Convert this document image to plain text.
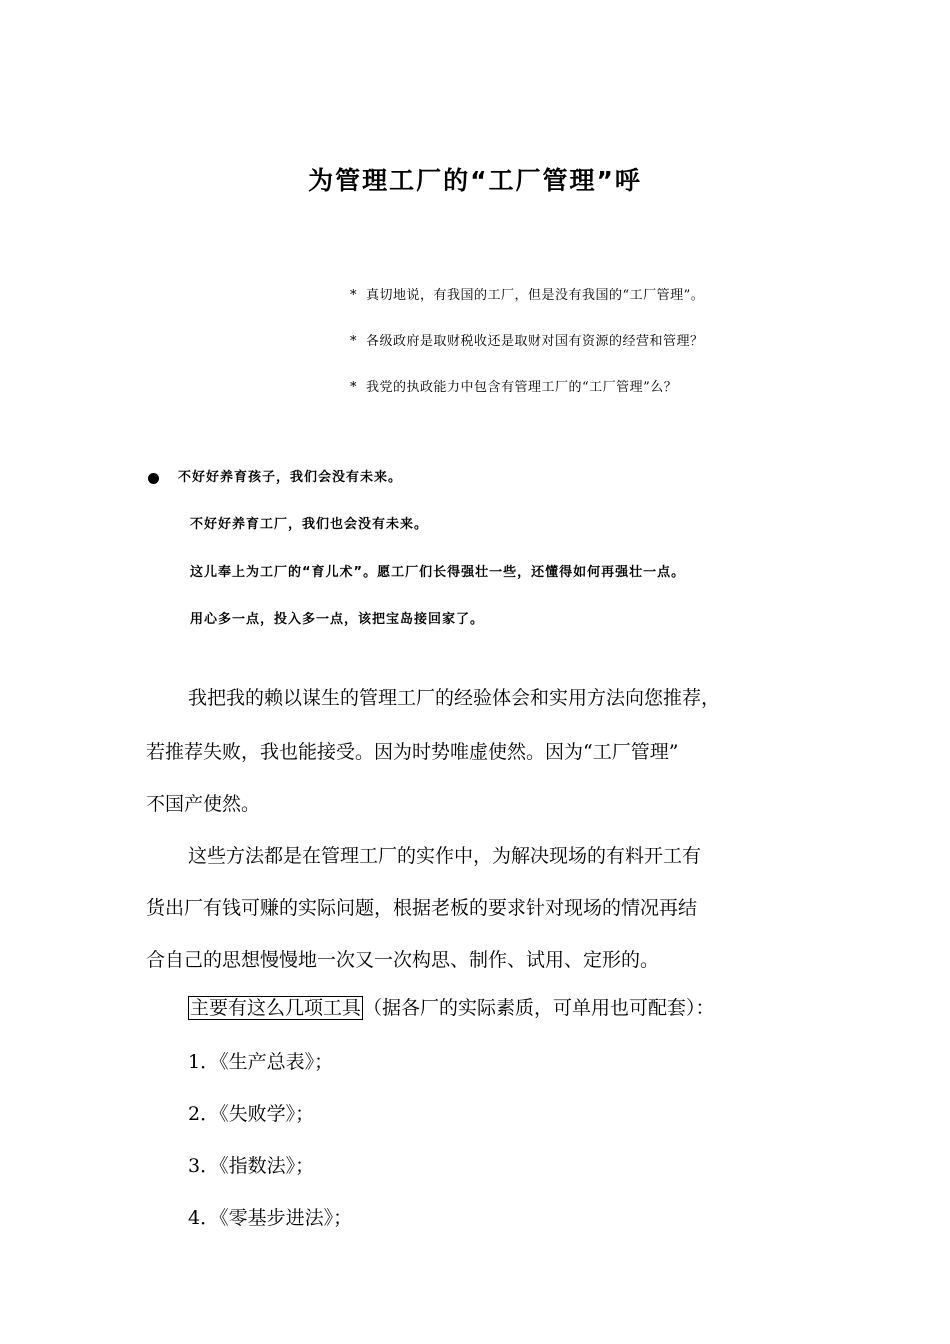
为管理工厂的“工厂管理”呼
* 真切地说，有我国的工厂，但是没有我国的“工厂管理”。
* 各级政府是取财税收还是取财对国有资源的经营和管理？
* 我党的执政能力中包含有管理工厂的“工厂管理”么？
不好好养育孩子，我们会没有未来。
不好好养育工厂，我们也会没有未来。
这儿奉上为工厂的“育儿术”。愿工厂们长得强壮一些，还懂得如何再强壮一点。
用心多一点，投入多一点，该把宝岛接回家了。
我把我的赖以谋生的管理工厂的经验体会和实用方法向您推荐，
若推荐失败，我也能接受。因为时势唯虚使然。因为“工厂管理”
不国产使然。
这些方法都是在管理工厂的实作中，为解决现场的有料开工有
货出厂有钱可赚的实际问题，根据老板的要求针对现场的情况再结
合自己的思想慢慢地一次又一次构思、制作、试用、定形的。
主要有这么几项工具 （据各厂的实际素质，可单用也可配套）：
1．《生产总表》；
2．《失败学》；
3．《指数法》；
4．《零基步进法》；
